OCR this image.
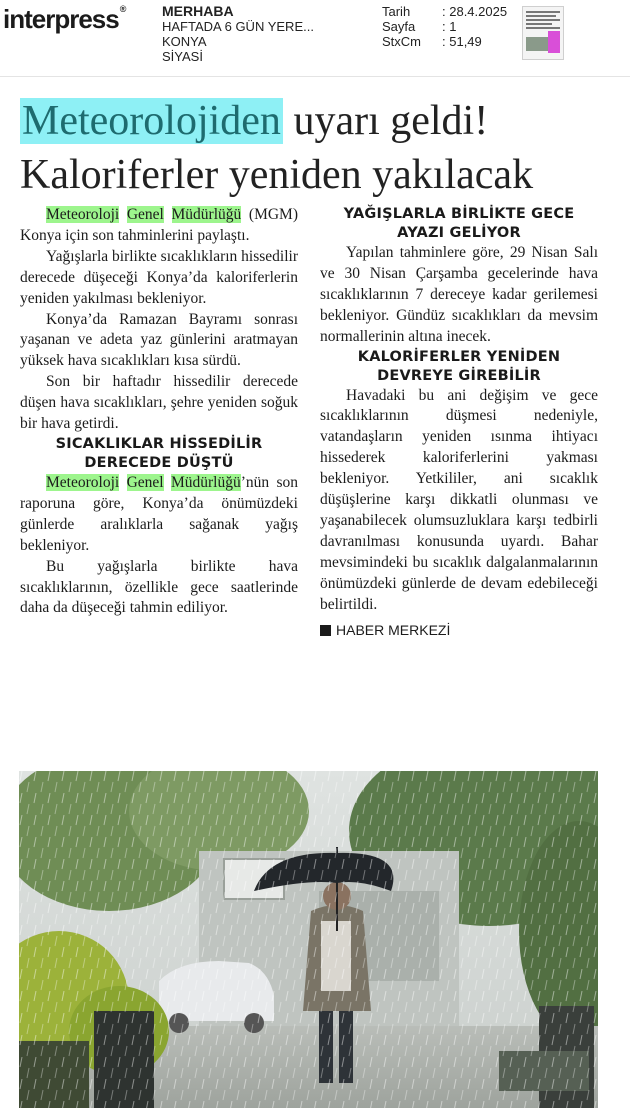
interpress®	MERHABA
HAFTADA 6 GÜN YERE...
KONYA
SİYASİ
Tarih	: 28.4.2025
Sayfa	: 1
StxCm	: 51,49
Meteorolojiden uyarı geldi!
Kaloriferler yeniden yakılacak

Meteoroloji Genel Müdürlüğü (MGM) Konya için son tahminlerini paylaştı.

Yağışlarla birlikte sıcaklıkların hissedilir derecede düşeceği Konya’da kaloriferlerin yeniden yakılması bekleniyor.

Konya’da Ramazan Bayramı sonrası yaşanan ve adeta yaz günlerini aratmayan yüksek hava sıcaklıkları kısa sürdü.

Son bir haftadır hissedilir derecede düşen hava sıcaklıkları, şehre yeniden soğuk bir hava getirdi.

SICAKLIKLAR HİSSEDİLİR
DERECEDE DÜŞTÜ

Meteoroloji Genel Müdürlüğü’nün son raporuna göre, Konya’da önümüzdeki günlerde aralıklarla sağanak yağış bekleniyor.

Bu yağışlarla birlikte hava sıcaklıklarının, özellikle gece saatlerinde daha da düşeceği tahmin ediliyor.

YAĞIŞLARLA BİRLİKTE GECE
AYAZI GELİYOR

Yapılan tahminlere göre, 29 Nisan Salı ve 30 Nisan Çarşamba gecelerinde hava sıcaklıklarının 7 dereceye kadar gerilemesi bekleniyor. Gündüz sıcaklıkları da mevsim normallerinin altına inecek.

KALORİFERLER YENİDEN
DEVREYE GİREBİLİR

Havadaki bu ani değişim ve gece sıcaklıklarının düşmesi nedeniyle, vatandaşların yeniden ısınma ihtiyacı hissederek kaloriferlerini yakması bekleniyor. Yetkililer, ani sıcaklık düşüşlerine karşı dikkatli olunması ve yaşanabilecek olumsuzluklara karşı tedbirli davranılması konusunda uyardı. Bahar mevsimindeki bu sıcaklık dalgalanmalarının önümüzdeki günlerde de devam edebileceği belirtildi.

HABER MERKEZİ
